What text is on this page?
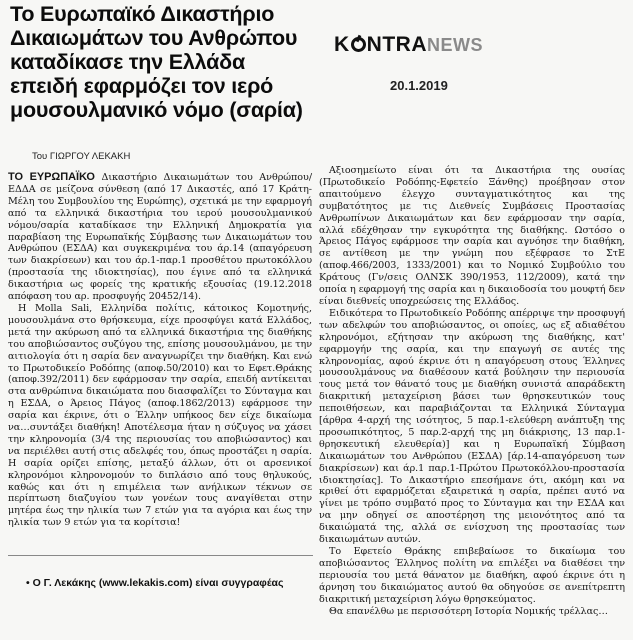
Το Ευρωπαϊκό Δικαστήριο Δικαιωμάτων του Ανθρώπου καταδίκασε την Ελλάδα επειδή εφαρμόζει τον ιερό μουσουλμανικό νόμο (σαρία)
Του ΓΙΩΡΓΟΥ ΛΕΚΑΚΗ
K NTRANEWS
20.1.2019

ΤΟ ΕΥΡΩΠΑΪΚΟ Δικαστήριο Δικαιωμάτων του Ανθρώπου/ΕΔΔΑ σε μείζονα σύνθεση (από 17 Δικαστές, από 17 Κράτη-Μέλη του Συμβουλίου της Ευρώπης), σχετικά με την εφαρμογή από τα ελληνικά δικαστήρια του ιερού μουσουλμανικού νόμου/σαρία καταδίκασε την Ελληνική Δημοκρατία για παραβίαση της Ευρωπαϊκής Σύμβασης των Δικαιωμάτων του Ανθρώπου (ΕΣΔΑ) και συγκεκριμένα του άρ.14 (απαγόρευση των διακρίσεων) και του άρ.1-παρ.1 προσθέτου πρωτοκόλλου (προστασία της ιδιοκτησίας), που έγινε από τα ελληνικά δικαστήρια ως φορείς της κρατικής εξουσίας (19.12.2018 απόφαση του αρ. προσφυγής 20452/14).

Η Molla Sali, Ελληνίδα πολίτις, κάτοικος Κομοτηνής, μουσουλμάνα στο θρήσκευμα, είχε προσφύγει κατά Ελλάδος, μετά την ακύρωση από τα ελληνικά δικαστήρια της διαθήκης του αποβιώσαντος συζύγου της, επίσης μουσουλμάνου, με την αιτιολογία ότι η σαρία δεν αναγνωρίζει την διαθήκη. Και ενώ το Πρωτοδικείο Ροδόπης (αποφ.50/2010) και το Εφετ.Θράκης (αποφ.392/2011) δεν εφάρμοσαν την σαρία, επειδή αντίκειται στα ανθρώπινα δικαιώματα που διασφαλίζει το Σύνταγμα και η ΕΣΔΑ, ο Άρειος Πάγος (αποφ.1862/2013) εφάρμοσε την σαρία και έκρινε, ότι ο Έλλην υπήκοος δεν είχε δικαίωμα να…συντάξει διαθήκη! Αποτέλεσμα ήταν η σύζυγος να χάσει την κληρονομία (3/4 της περιουσίας του αποβιώσαντος) και να περιέλθει αυτή στις αδελφές του, όπως προστάζει η σαρία. Η σαρία ορίζει επίσης, μεταξύ άλλων, ότι οι αρσενικοί κληρονόμοι κληρονομούν το διπλάσιο από τους θηλυκούς, καθώς και ότι η επιμέλεια των ανήλικων τέκνων σε περίπτωση διαζυγίου των γονέων τους αναγίθεται στην μητέρα έως την ηλικία των 7 ετών για τα αγόρια και έως την ηλικία των 9 ετών για τα κορίτσια!

• Ο Γ. Λεκάκης (www.lekakis.com) είναι συγγραφέας

Αξιοσημείωτο είναι ότι τα Δικαστήρια της ουσίας (Πρωτοδικείο Ροδόπης-Εφετείο Ξάνθης) προέβησαν στον απαιτούμενο έλεγχο συνταγματικότητος και της συμβατότητος με τις Διεθνείς Συμβάσεις Προστασίας Ανθρωπίνων Δικαιωμάτων και δεν εφάρμοσαν την σαρία, αλλά εδέχθησαν την εγκυρότητα της διαθήκης. Ωστόσο ο Άρειος Πάγος εφάρμοσε την σαρία και αγνόησε την διαθήκη, σε αντίθεση με την γνώμη που εξέφρασε το ΣτΕ (αποφ.466/2003, 1333/2001) και το Νομικό Συμβούλιο του Κράτους (Γν/σεις ΟΛΝΣΚ 390/1953, 112/2009), κατά την οποία η εφαρμογή της σαρία και η δικαιοδοσία του μουφτή δεν είναι διεθνείς υποχρεώσεις της Ελλάδος.

Ειδικότερα το Πρωτοδικείο Ροδόπης απέρριψε την προσφυγή των αδελφών του αποβιώσαντος, οι οποίες, ως εξ αδιαθέτου κληρονόμοι, εζήτησαν την ακύρωση της διαθήκης, κατ' εφαρμογήν της σαρία, και την επαγωγή σε αυτές της κληρονομίας, αφού έκρινε ότι η απαγόρευση στους Έλληνες μουσουλμάνους να διαθέσουν κατά βούλησιν την περιουσία τους μετά τον θάνατό τους με διαθήκη συνιστά απαράδεκτη διακριτική μεταχείριση βάσει των θρησκευτικών τους πεποιθήσεων, και παραβιάζονται τα Ελληνικά Σύνταγμα [άρθρα 4-αρχή της ισότητος, 5 παρ.1-ελεύθερη ανάπτυξη της προσωπικότητος, 5 παρ.2-αρχή της μη διάκρισης, 13 παρ.1-θρησκευτική ελευθερία)] και η Ευρωπαϊκή Σύμβαση Δικαιωμάτων του Ανθρώπου (ΕΣΔΑ) [άρ.14-απαγόρευση των διακρίσεων) και άρ.1 παρ.1-Πρώτου Πρωτοκόλλου-προστασία ιδιοκτησίας]. Το Δικαστήριο επεσήμανε ότι, ακόμη και να κριθεί ότι εφαρμόζεται εξαιρετικά η σαρία, πρέπει αυτό να γίνει με τρόπο συμβατό προς το Σύνταγμα και την ΕΣΔΑ και να μην οδηγεί σε αποστέρηση της μειονότητος από τα δικαιώματά της, αλλά σε ενίσχυση της προστασίας των δικαιωμάτων αυτών.

Το Εφετείο Θράκης επιβεβαίωσε το δικαίωμα του αποβιώσαντος Έλληνος πολίτη να επιλέξει να διαθέσει την περιουσία του μετά θάνατον με διαθήκη, αφού έκρινε ότι η άρνηση του δικαιώματος αυτού θα οδηγούσε σε ανεπίτρεπτη διακριτική μεταχείριση λόγω θρησκεύματος.

Θα επανέλθω με περισσότερη Ιστορία Νομικής τρέλλας…
